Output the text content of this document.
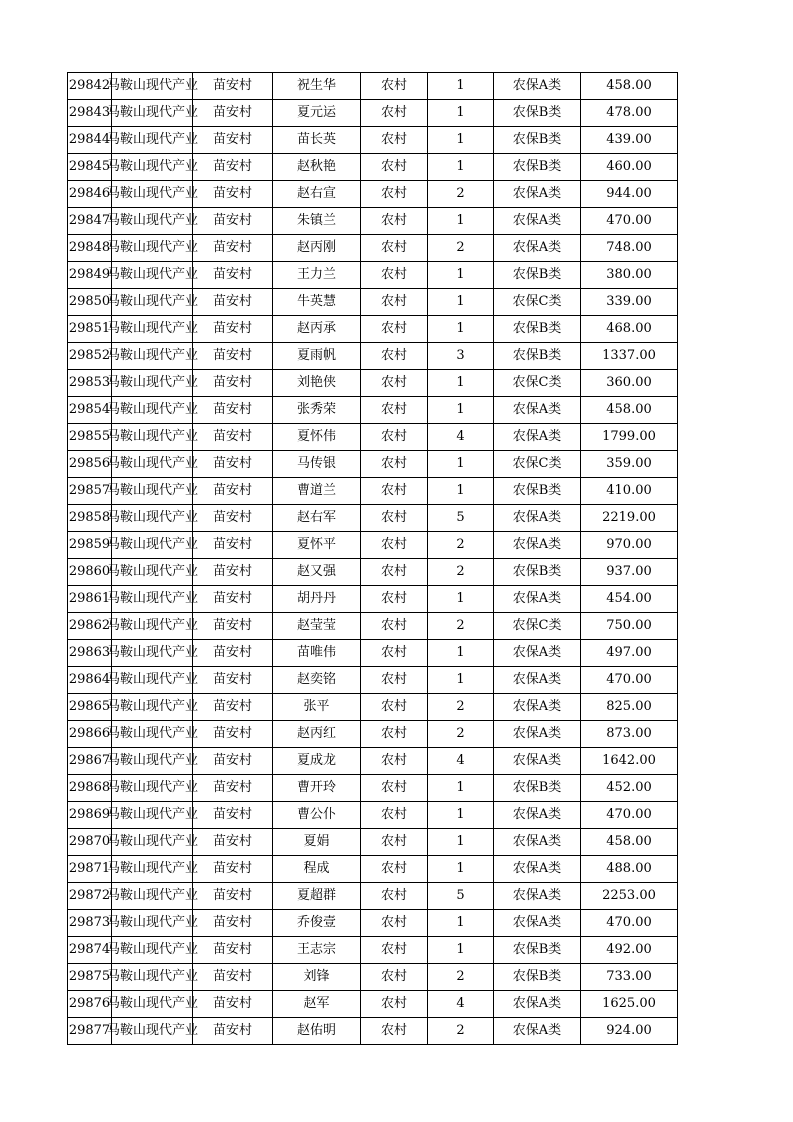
29842	马鞍山现代产业	苗安村	祝生华	农村	1	农保A类	458.00
29843	马鞍山现代产业	苗安村	夏元运	农村	1	农保B类	478.00
29844	马鞍山现代产业	苗安村	苗长英	农村	1	农保B类	439.00
29845	马鞍山现代产业	苗安村	赵秋艳	农村	1	农保B类	460.00
29846	马鞍山现代产业	苗安村	赵右宣	农村	2	农保A类	944.00
29847	马鞍山现代产业	苗安村	朱镇兰	农村	1	农保A类	470.00
29848	马鞍山现代产业	苗安村	赵丙刚	农村	2	农保A类	748.00
29849	马鞍山现代产业	苗安村	王力兰	农村	1	农保B类	380.00
29850	马鞍山现代产业	苗安村	牛英慧	农村	1	农保C类	339.00
29851	马鞍山现代产业	苗安村	赵丙承	农村	1	农保B类	468.00
29852	马鞍山现代产业	苗安村	夏雨帆	农村	3	农保B类	1337.00
29853	马鞍山现代产业	苗安村	刘艳侠	农村	1	农保C类	360.00
29854	马鞍山现代产业	苗安村	张秀荣	农村	1	农保A类	458.00
29855	马鞍山现代产业	苗安村	夏怀伟	农村	4	农保A类	1799.00
29856	马鞍山现代产业	苗安村	马传银	农村	1	农保C类	359.00
29857	马鞍山现代产业	苗安村	曹道兰	农村	1	农保B类	410.00
29858	马鞍山现代产业	苗安村	赵右军	农村	5	农保A类	2219.00
29859	马鞍山现代产业	苗安村	夏怀平	农村	2	农保A类	970.00
29860	马鞍山现代产业	苗安村	赵又强	农村	2	农保B类	937.00
29861	马鞍山现代产业	苗安村	胡丹丹	农村	1	农保A类	454.00
29862	马鞍山现代产业	苗安村	赵莹莹	农村	2	农保C类	750.00
29863	马鞍山现代产业	苗安村	苗唯伟	农村	1	农保A类	497.00
29864	马鞍山现代产业	苗安村	赵奕铭	农村	1	农保A类	470.00
29865	马鞍山现代产业	苗安村	张平	农村	2	农保A类	825.00
29866	马鞍山现代产业	苗安村	赵丙红	农村	2	农保A类	873.00
29867	马鞍山现代产业	苗安村	夏成龙	农村	4	农保A类	1642.00
29868	马鞍山现代产业	苗安村	曹开玲	农村	1	农保B类	452.00
29869	马鞍山现代产业	苗安村	曹公仆	农村	1	农保A类	470.00
29870	马鞍山现代产业	苗安村	夏娟	农村	1	农保A类	458.00
29871	马鞍山现代产业	苗安村	程成	农村	1	农保A类	488.00
29872	马鞍山现代产业	苗安村	夏超群	农村	5	农保A类	2253.00
29873	马鞍山现代产业	苗安村	乔俊壹	农村	1	农保A类	470.00
29874	马鞍山现代产业	苗安村	王志宗	农村	1	农保B类	492.00
29875	马鞍山现代产业	苗安村	刘锋	农村	2	农保B类	733.00
29876	马鞍山现代产业	苗安村	赵军	农村	4	农保A类	1625.00
29877	马鞍山现代产业	苗安村	赵佑明	农村	2	农保A类	924.00
